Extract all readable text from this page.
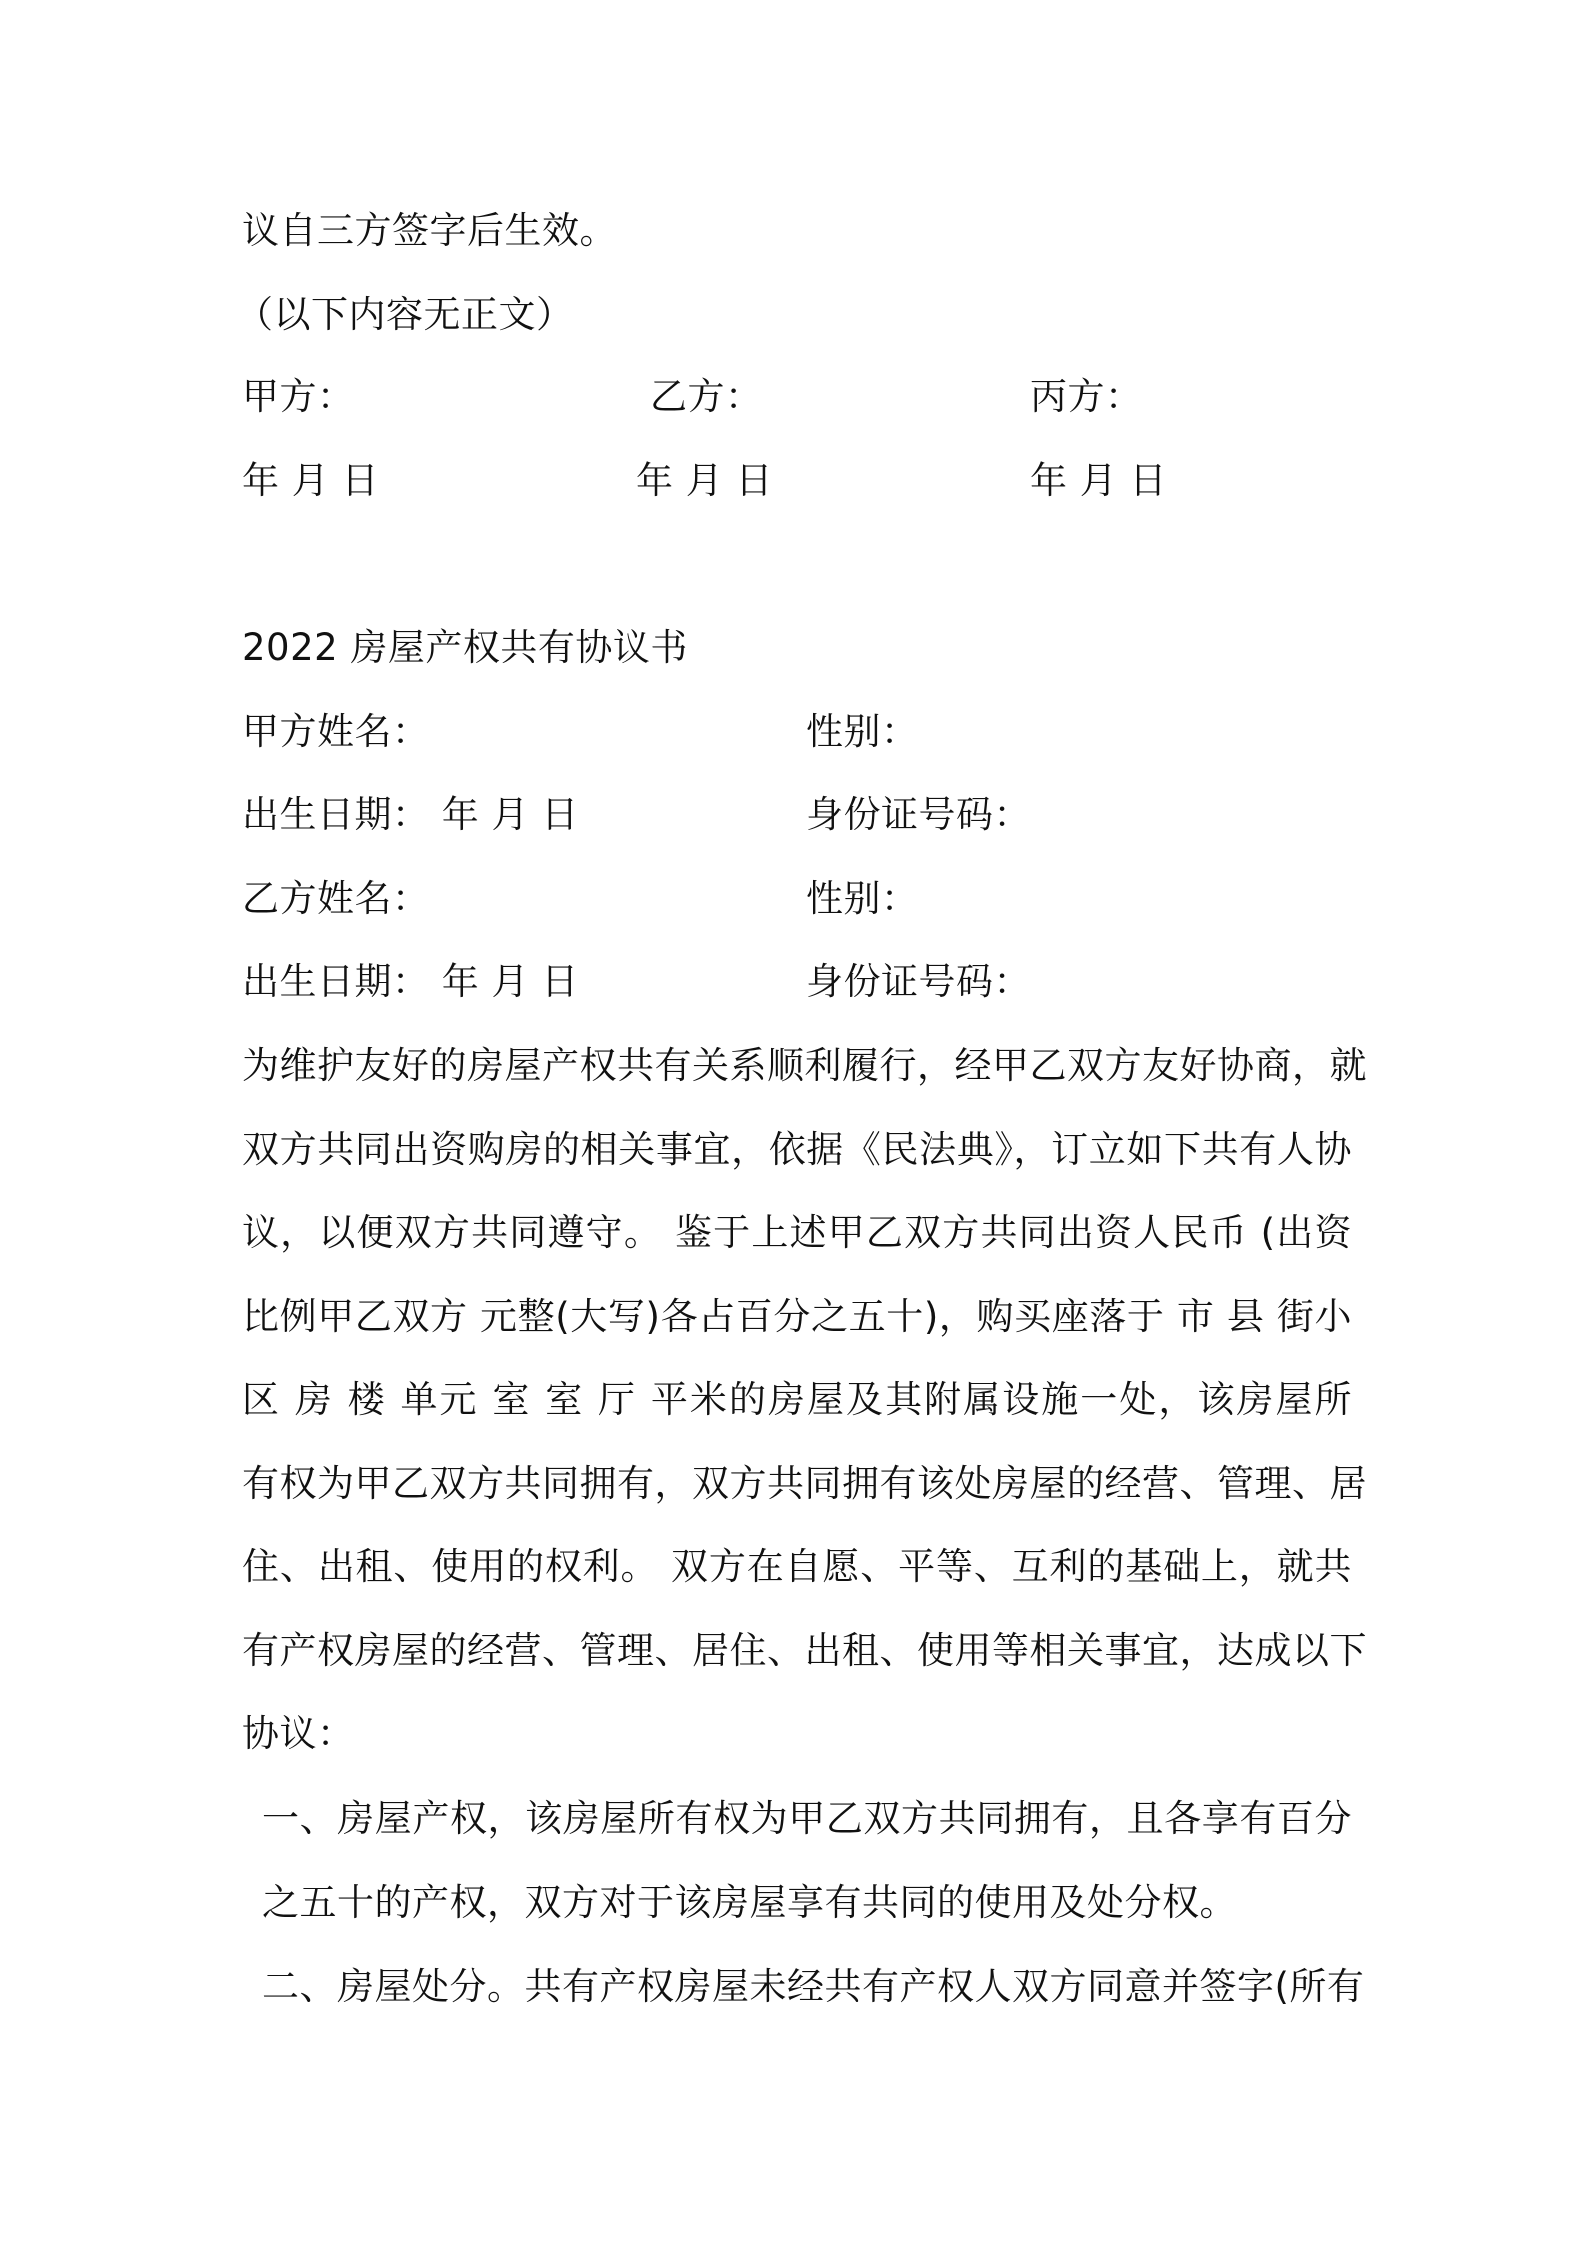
议自三方签字后生效。
（以下内容无正文）
甲方：	乙方：	丙方：
年 月 日	年 月 日	年 月 日
2022 房屋产权共有协议书
甲方姓名：	性别：
出生日期： 年 月 日	身份证号码：
乙方姓名：	性别：
出生日期： 年 月 日	身份证号码：
为维护友好的房屋产权共有关系顺利履行，经甲乙双方友好协商，就
双方共同出资购房的相关事宜，依据《民法典》，订立如下共有人协
议，以便双方共同遵守。 鉴于上述甲乙双方共同出资人民币 (出资
比例甲乙双方 元整(大写)各占百分之五十)，购买座落于 市 县 街小
区 房 楼 单元 室 室 厅 平米的房屋及其附属设施一处，该房屋所
有权为甲乙双方共同拥有，双方共同拥有该处房屋的经营、管理、居
住、出租、使用的权利。 双方在自愿、平等、互利的基础上，就共
有产权房屋的经营、管理、居住、出租、使用等相关事宜，达成以下
协议：
一、房屋产权，该房屋所有权为甲乙双方共同拥有，且各享有百分
之五十的产权，双方对于该房屋享有共同的使用及处分权。
二、房屋处分。共有产权房屋未经共有产权人双方同意并签字(所有
